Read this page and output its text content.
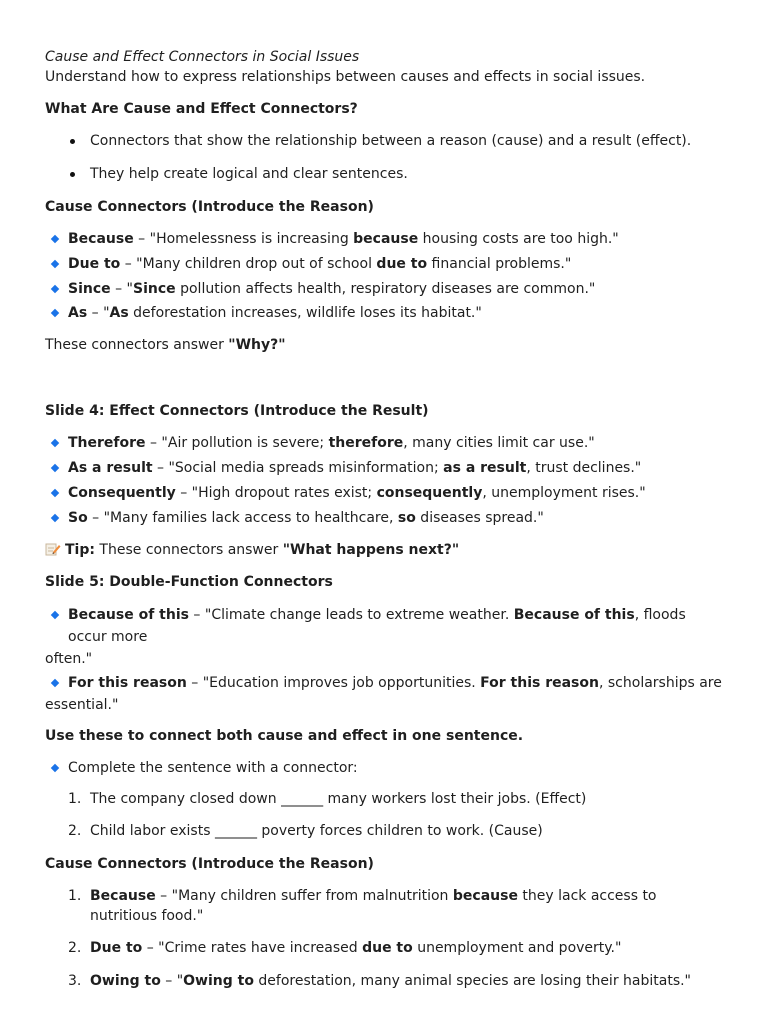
Cause and Effect Connectors in Social Issues

Understand how to express relationships between causes and effects in social issues.

What Are Cause and Effect Connectors?

Connectors that show the relationship between a reason (cause) and a result (effect).
They help create logical and clear sentences.

Cause Connectors (Introduce the Reason)

Because – "Homelessness is increasing because housing costs are too high."
Due to – "Many children drop out of school due to financial problems."
Since – "Since pollution affects health, respiratory diseases are common."
As – "As deforestation increases, wildlife loses its habitat."

These connectors answer "Why?"

Slide 4: Effect Connectors (Introduce the Result)

Therefore – "Air pollution is severe; therefore, many cities limit car use."
As a result – "Social media spreads misinformation; as a result, trust declines."
Consequently – "High dropout rates exist; consequently, unemployment rises."
So – "Many families lack access to healthcare, so diseases spread."

Tip: These connectors answer "What happens next?"

Slide 5: Double-Function Connectors

Because of this – "Climate change leads to extreme weather. Because of this, floods occur more
often."

For this reason – "Education improves job opportunities. For this reason, scholarships are
essential."

Use these to connect both cause and effect in one sentence.

Complete the sentence with a connector:
1. The company closed down ______ many workers lost their jobs. (Effect)
2. Child labor exists ______ poverty forces children to work. (Cause)

Cause Connectors (Introduce the Reason)

1. Because – "Many children suffer from malnutrition because they lack access to nutritious food."
2. Due to – "Crime rates have increased due to unemployment and poverty."
3. Owing to – "Owing to deforestation, many animal species are losing their habitats."
